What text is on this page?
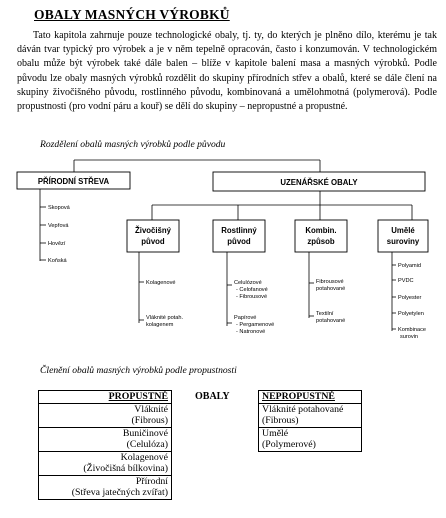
OBALY MASNÝCH VÝROBKŮ
Tato kapitola zahrnuje pouze technologické obaly, tj. ty, do kterých je plněno dílo, kterému je tak dáván tvar typický pro výrobek a je v něm tepelně opracován, často i konzumován. V technologickém obalu může být výrobek také dále balen – blíže v kapitole balení masa a masných výrobků. Podle původu lze obaly masných výrobků rozdělit do skupiny přírodních střev a obalů, které se dále člení na skupiny živočišného původu, rostlinného původu, kombinovaná a umělohmotná (polymerová). Podle propustnosti (pro vodní páru a kouř) se dělí do skupiny – nepropustné a propustné.
Rozdělení obalů masných výrobků podle původu
PŘÍRODNÍ STŘEVA	UZENÁŘSKÉ OBALY
Živočišný
původ
Rostlinný
původ
Kombin.
způsob
Umělé
suroviny
Skopová
Vepřová
Hovězí
Koňská
Kolagenové
Vláknité potah.
kolagenem
Celulózové
- Celofanové
- Fibrousové
Papírové
- Pergamenové
- Natronové
Fibrousové
potahované
Textilní
potahované
Polyamid
PVDC
Polyester
Polyetylen
Kombinace
surovin
Členění obalů masných výrobků podle propustnosti
PROPUSTNÉ
Vláknité
(Fibrous)
Buničinové
(Celulóza)
Kolagenové
(Živočišná bílkovina)
Přírodní
(Střeva jatečných zvířat)
OBALY	NEPROPUSTNÉ
Vláknité potahované
(Fibrous)
Umělé
(Polymerové)
